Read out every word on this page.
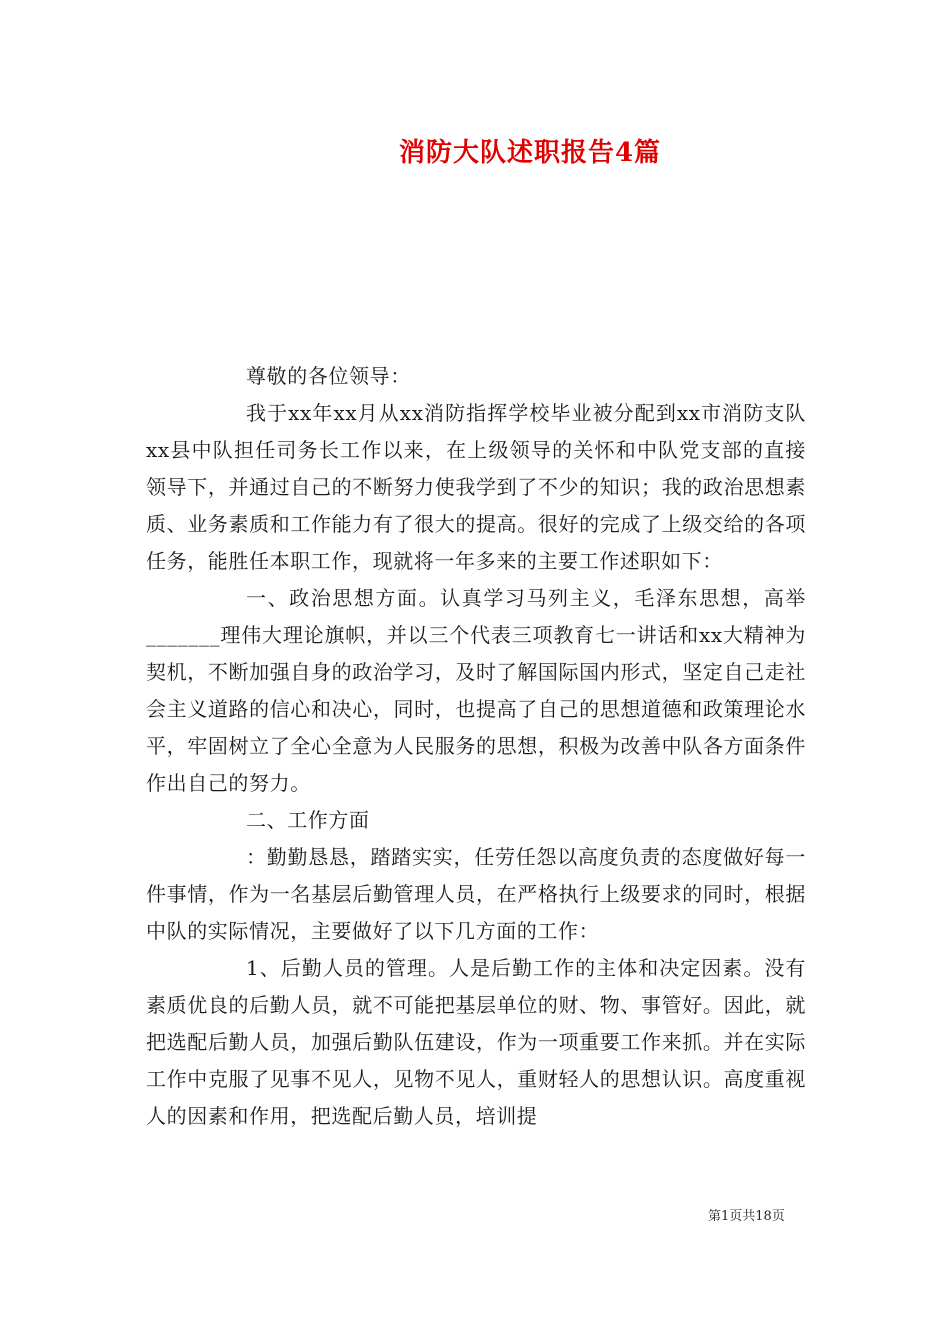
消防大队述职报告4篇

尊敬的各位领导：

我于xx年xx月从xx消防指挥学校毕业被分配到xx市消防支队xx县中队担任司务长工作以来，在上级领导的关怀和中队党支部的直接领导下，并通过自己的不断努力使我学到了不少的知识；我的政治思想素质、业务素质和工作能力有了很大的提高。很好的完成了上级交给的各项任务，能胜任本职工作，现就将一年多来的主要工作述职如下：

一、政治思想方面。认真学习马列主义，毛泽东思想，高举_______理伟大理论旗帜，并以三个代表三项教育七一讲话和xx大精神为契机，不断加强自身的政治学习，及时了解国际国内形式，坚定自己走社会主义道路的信心和决心，同时，也提高了自己的思想道德和政策理论水平，牢固树立了全心全意为人民服务的思想，积极为改善中队各方面条件作出自己的努力。

二、工作方面

：勤勤恳恳，踏踏实实，任劳任怨以高度负责的态度做好每一件事情，作为一名基层后勤管理人员，在严格执行上级要求的同时，根据中队的实际情况，主要做好了以下几方面的工作：

1、后勤人员的管理。人是后勤工作的主体和决定因素。没有素质优良的后勤人员，就不可能把基层单位的财、物、事管好。因此，就把选配后勤人员，加强后勤队伍建设，作为一项重要工作来抓。并在实际工作中克服了见事不见人，见物不见人，重财轻人的思想认识。高度重视人的因素和作用，把选配后勤人员，培训提

第1页共18页
